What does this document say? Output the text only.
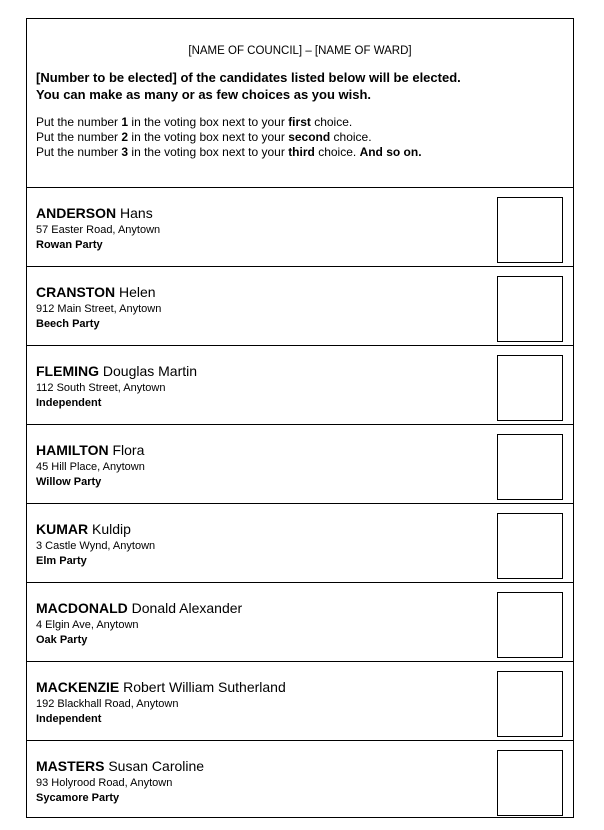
[NAME OF COUNCIL] – [NAME OF WARD]
[Number to be elected] of the candidates listed below will be elected.
You can make as many or as few choices as you wish.
Put the number 1 in the voting box next to your first choice.
Put the number 2 in the voting box next to your second choice.
Put the number 3 in the voting box next to your third choice. And so on.
ANDERSON Hans
57 Easter Road, Anytown
Rowan Party
CRANSTON Helen
912 Main Street, Anytown
Beech Party
FLEMING Douglas Martin
112 South Street, Anytown
Independent
HAMILTON Flora
45 Hill Place, Anytown
Willow Party
KUMAR Kuldip
3 Castle Wynd, Anytown
Elm Party
MACDONALD Donald Alexander
4 Elgin Ave, Anytown
Oak Party
MACKENZIE Robert William Sutherland
192 Blackhall Road, Anytown
Independent
MASTERS Susan Caroline
93 Holyrood Road, Anytown
Sycamore Party
